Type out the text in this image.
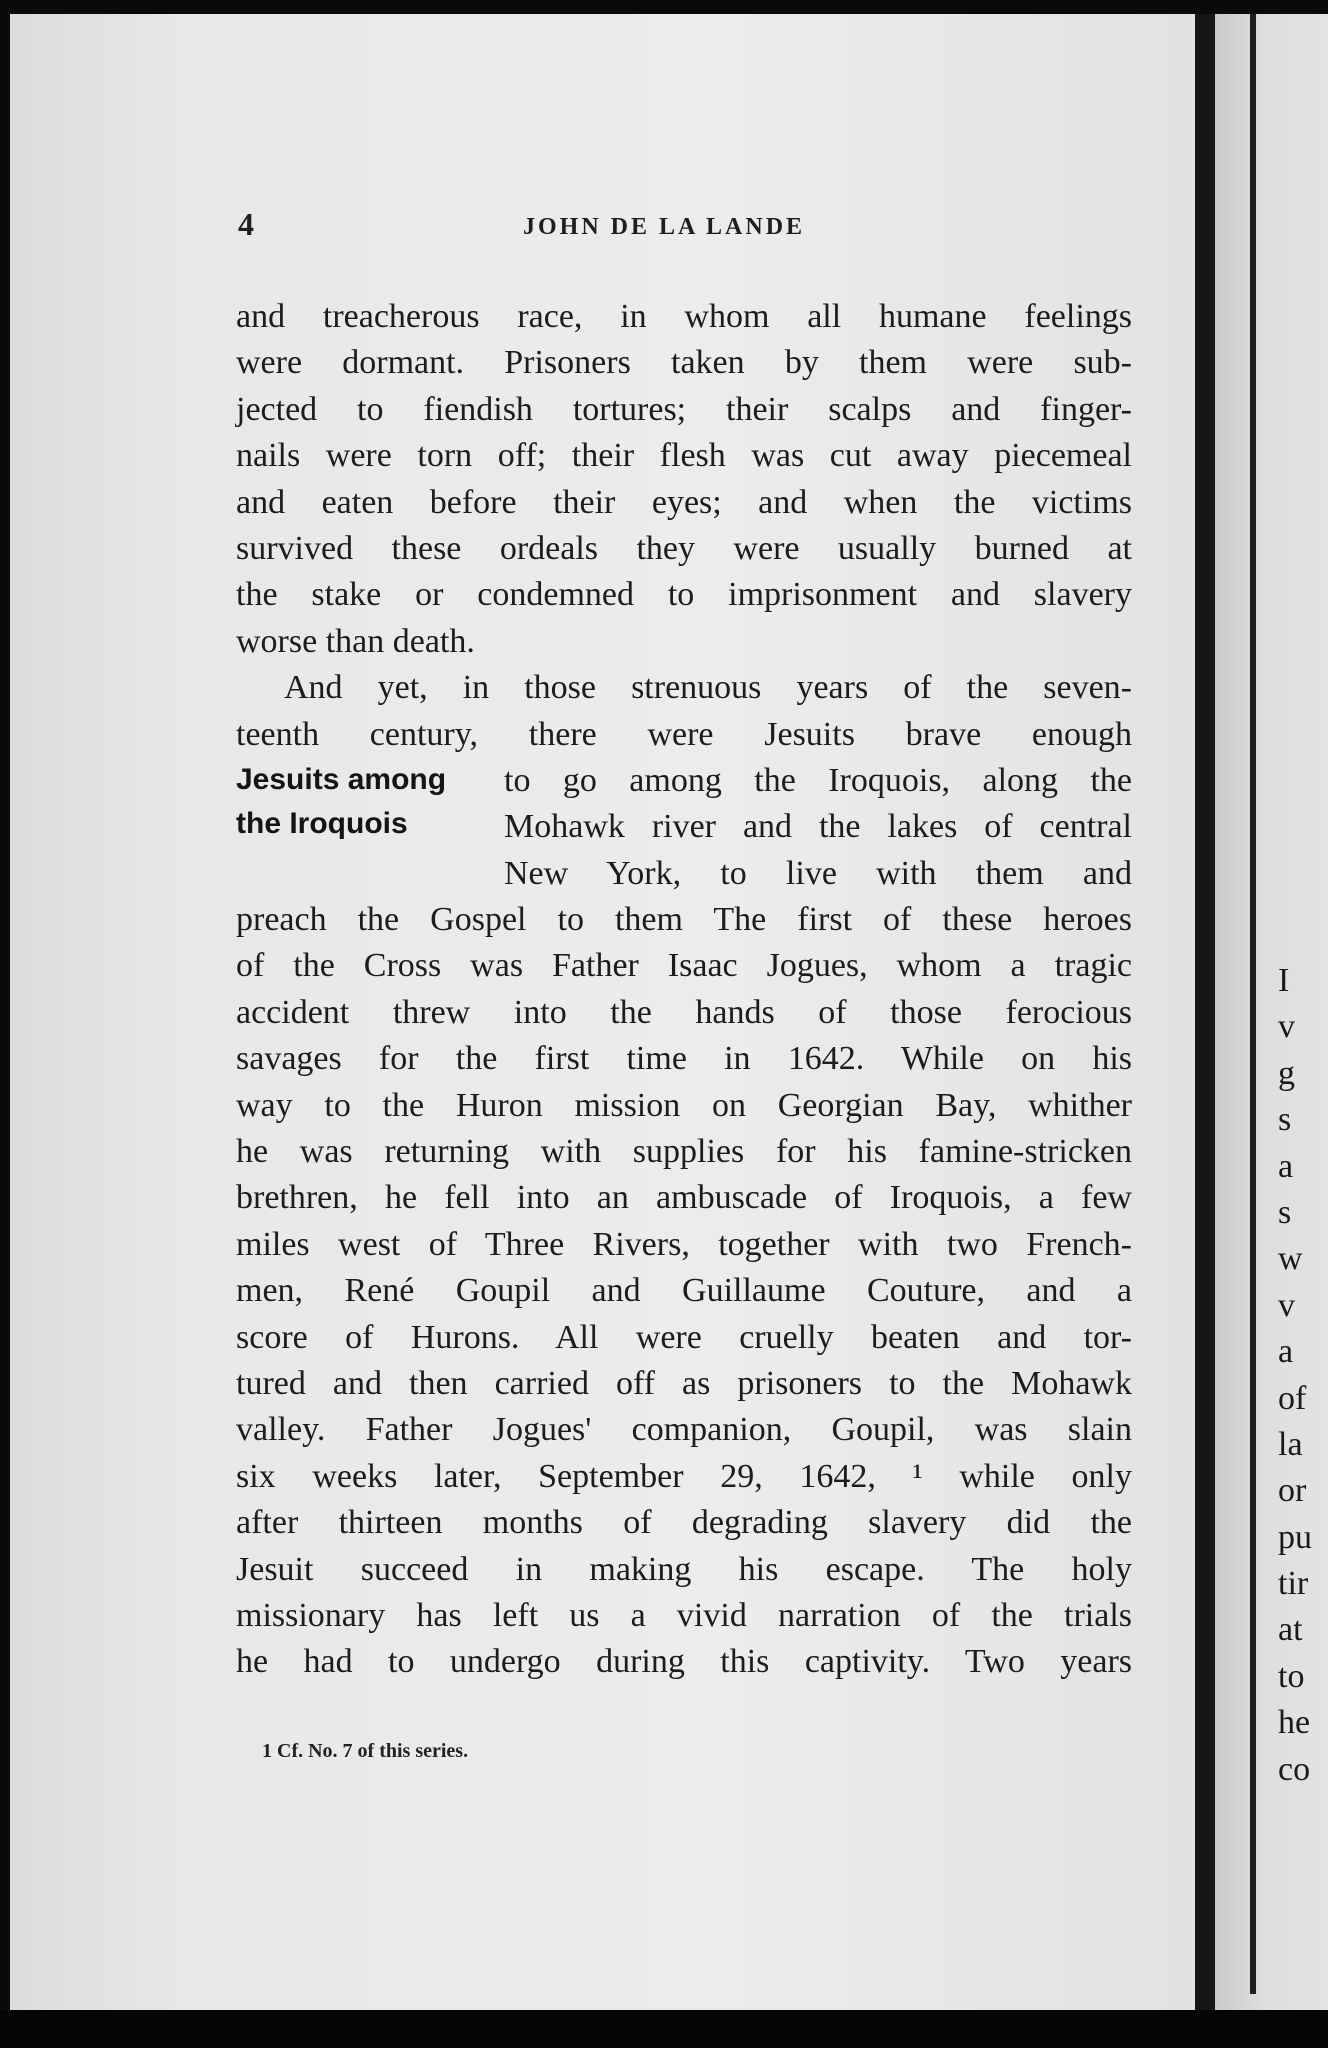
4	JOHN DE LA LANDE
and treacherous race, in whom all humane feelings
were dormant. Prisoners taken by them were sub-
jected to fiendish tortures; their scalps and finger-
nails were torn off; their flesh was cut away piecemeal
and eaten before their eyes; and when the victims
survived these ordeals they were usually burned at
the stake or condemned to imprisonment and slavery
worse than death.
And yet, in those strenuous years of the seven-
teenth century, there were Jesuits brave enough
Jesuits among
the Iroquois
to go among the Iroquois, along the
Mohawk river and the lakes of central
New York, to live with them and
preach the Gospel to them The first of these heroes
of the Cross was Father Isaac Jogues, whom a tragic
accident threw into the hands of those ferocious
savages for the first time in 1642. While on his
way to the Huron mission on Georgian Bay, whither
he was returning with supplies for his famine-stricken
brethren, he fell into an ambuscade of Iroquois, a few
miles west of Three Rivers, together with two French-
men, René Goupil and Guillaume Couture, and a
score of Hurons. All were cruelly beaten and tor-
tured and then carried off as prisoners to the Mohawk
valley. Father Jogues' companion, Goupil, was slain
six weeks later, September 29, 1642, ¹ while only
after thirteen months of degrading slavery did the
Jesuit succeed in making his escape. The holy
missionary has left us a vivid narration of the trials
he had to undergo during this captivity. Two years
1 Cf. No. 7 of this series.
I
v
g
s
a
s
w
v
a
of
la
or
pu
tir
at
to
he
co
